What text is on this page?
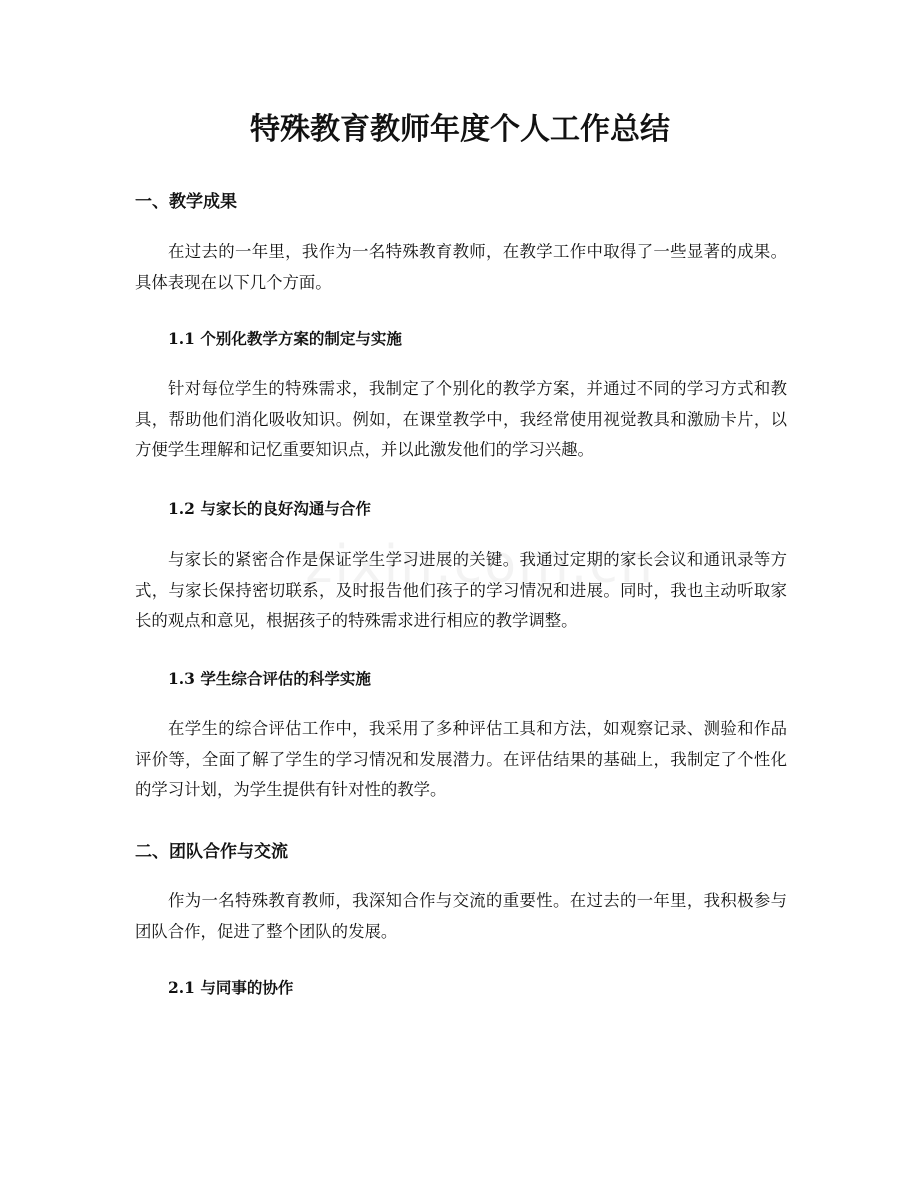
特殊教育教师年度个人工作总结
一、教学成果

在过去的一年里，我作为一名特殊教育教师，在教学工作中取得了一些显著的成果。具体表现在以下几个方面。

1.1 个别化教学方案的制定与实施

针对每位学生的特殊需求，我制定了个别化的教学方案，并通过不同的学习方式和教具，帮助他们消化吸收知识。例如，在课堂教学中，我经常使用视觉教具和激励卡片，以方便学生理解和记忆重要知识点，并以此激发他们的学习兴趣。

1.2 与家长的良好沟通与合作

与家长的紧密合作是保证学生学习进展的关键。我通过定期的家长会议和通讯录等方式，与家长保持密切联系，及时报告他们孩子的学习情况和进展。同时，我也主动听取家长的观点和意见，根据孩子的特殊需求进行相应的教学调整。

1.3 学生综合评估的科学实施

在学生的综合评估工作中，我采用了多种评估工具和方法，如观察记录、测验和作品评价等，全面了解了学生的学习情况和发展潜力。在评估结果的基础上，我制定了个性化的学习计划，为学生提供有针对性的教学。

二、团队合作与交流

作为一名特殊教育教师，我深知合作与交流的重要性。在过去的一年里，我积极参与团队合作，促进了整个团队的发展。

2.1 与同事的协作
